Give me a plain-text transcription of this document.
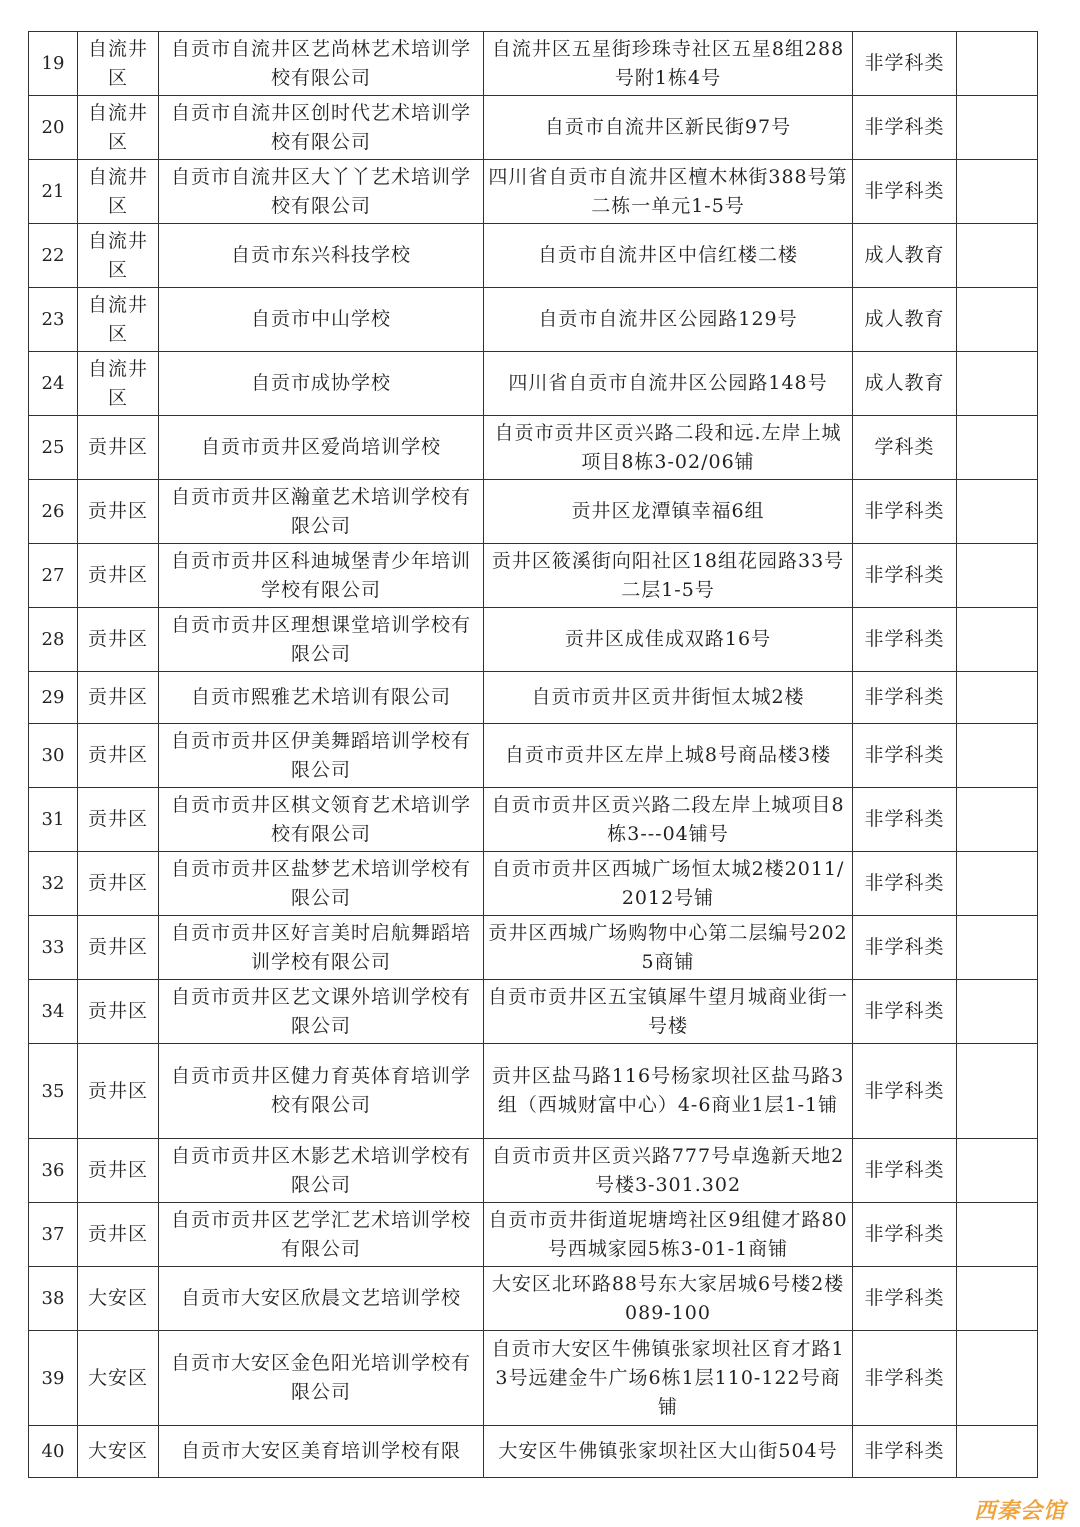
19	自流井区	自贡市自流井区艺尚林艺术培训学校有限公司	自流井区五星街珍珠寺社区五星8组288号附1栋4号	非学科类	
20	自流井区	自贡市自流井区创时代艺术培训学校有限公司	自贡市自流井区新民街97号	非学科类	
21	自流井区	自贡市自流井区大丫丫艺术培训学校有限公司	四川省自贡市自流井区檀木林街388号第二栋一单元1-5号	非学科类	
22	自流井区	自贡市东兴科技学校	自贡市自流井区中信红楼二楼	成人教育	
23	自流井区	自贡市中山学校	自贡市自流井区公园路129号	成人教育	
24	自流井区	自贡市成协学校	四川省自贡市自流井区公园路148号	成人教育	
25	贡井区	自贡市贡井区爱尚培训学校	自贡市贡井区贡兴路二段和远.左岸上城项目8栋3-02/06铺	学科类	
26	贡井区	自贡市贡井区瀚童艺术培训学校有限公司	贡井区龙潭镇幸福6组	非学科类	
27	贡井区	自贡市贡井区科迪城堡青少年培训学校有限公司	贡井区筱溪街向阳社区18组花园路33号二层1-5号	非学科类	
28	贡井区	自贡市贡井区理想课堂培训学校有限公司	贡井区成佳成双路16号	非学科类	
29	贡井区	自贡市熙雅艺术培训有限公司	自贡市贡井区贡井街恒太城2楼	非学科类	
30	贡井区	自贡市贡井区伊美舞蹈培训学校有限公司	自贡市贡井区左岸上城8号商品楼3楼	非学科类	
31	贡井区	自贡市贡井区棋文领育艺术培训学校有限公司	自贡市贡井区贡兴路二段左岸上城项目8栋3---04铺号	非学科类	
32	贡井区	自贡市贡井区盐梦艺术培训学校有限公司	自贡市贡井区西城广场恒太城2楼2011/2012号铺	非学科类	
33	贡井区	自贡市贡井区好言美时启航舞蹈培训学校有限公司	贡井区西城广场购物中心第二层编号2025商铺	非学科类	
34	贡井区	自贡市贡井区艺文课外培训学校有限公司	自贡市贡井区五宝镇犀牛望月城商业街一号楼	非学科类	
35	贡井区	自贡市贡井区健力育英体育培训学校有限公司	贡井区盐马路116号杨家坝社区盐马路3组（西城财富中心）4-6商业1层1-1铺	非学科类	
36	贡井区	自贡市贡井区木影艺术培训学校有限公司	自贡市贡井区贡兴路777号卓逸新天地2号楼3-301.302	非学科类	
37	贡井区	自贡市贡井区艺学汇艺术培训学校有限公司	自贡市贡井街道坭塘塆社区9组健才路80号西城家园5栋3-01-1商铺	非学科类	
38	大安区	自贡市大安区欣晨文艺培训学校	大安区北环路88号东大家居城6号楼2楼089-100	非学科类	
39	大安区	自贡市大安区金色阳光培训学校有限公司	自贡市大安区牛佛镇张家坝社区育才路13号远建金牛广场6栋1层110-122号商铺	非学科类	
40	大安区	自贡市大安区美育培训学校有限	大安区牛佛镇张家坝社区大山街504号	非学科类	
西秦会馆
